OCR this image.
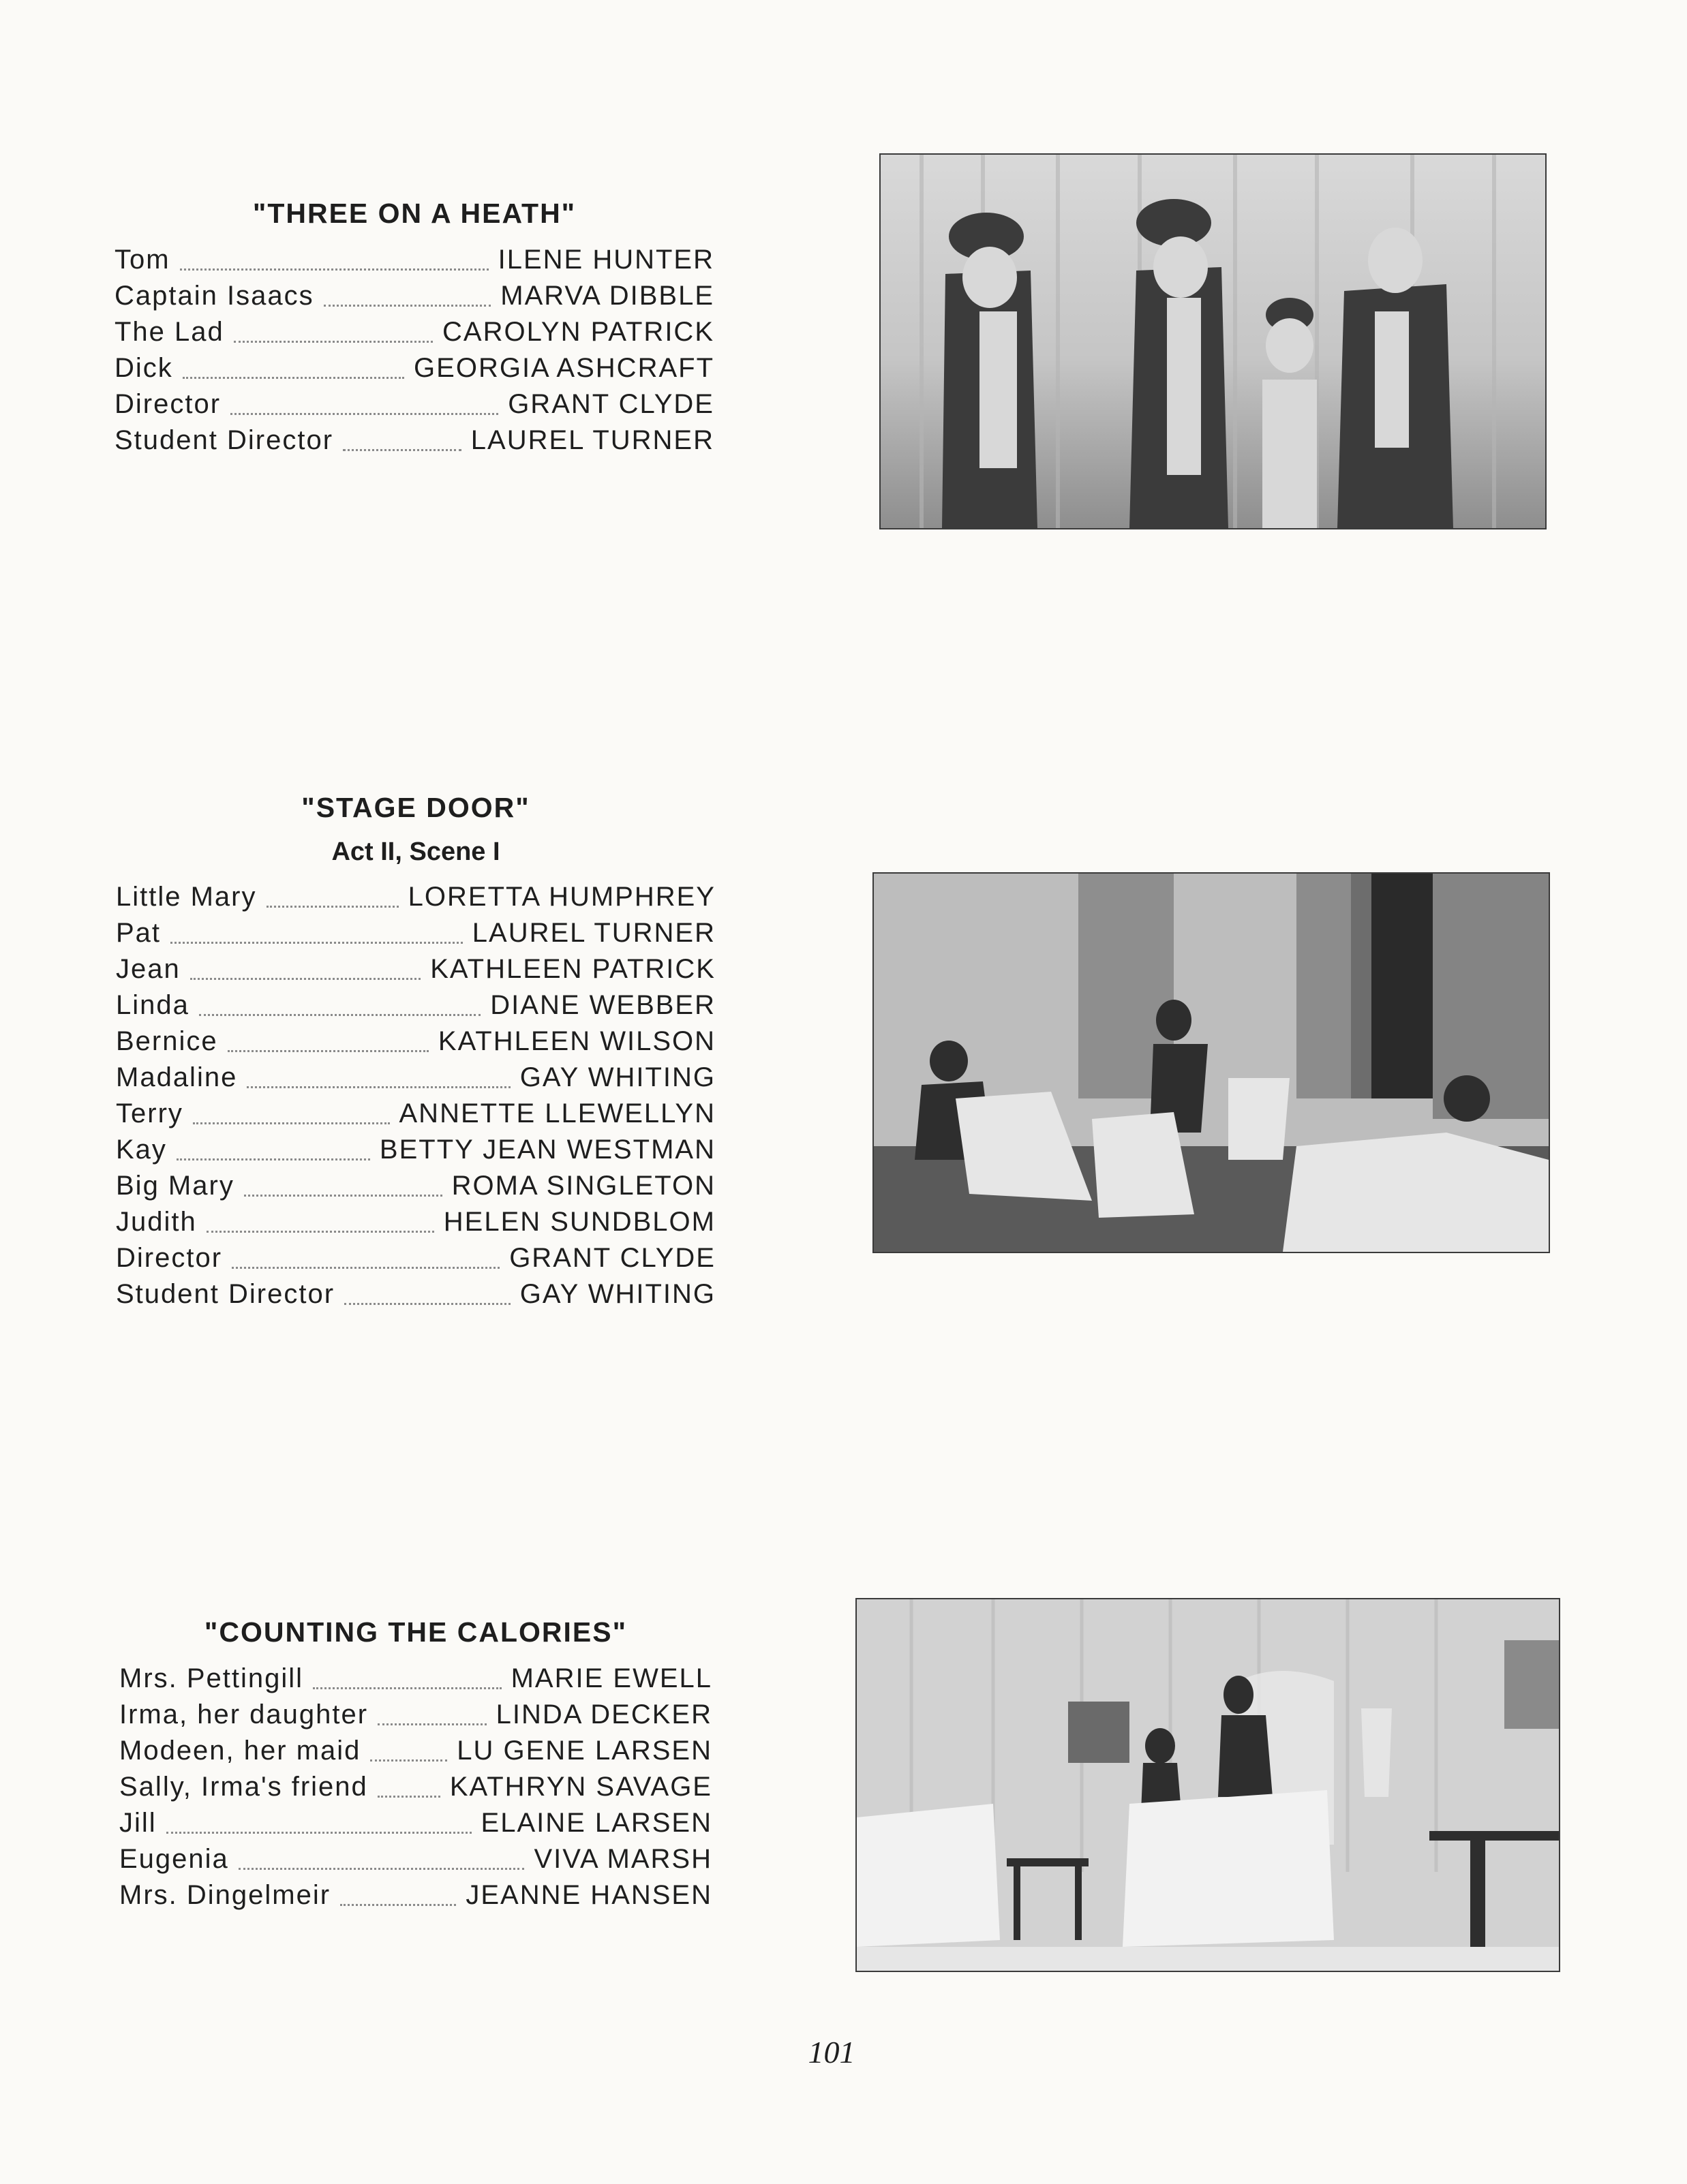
"THREE ON A HEATH"
Tom	ILENE HUNTER
Captain Isaacs	MARVA DIBBLE
The Lad	CAROLYN PATRICK
Dick	GEORGIA ASHCRAFT
Director	GRANT CLYDE
Student Director	LAUREL TURNER
"STAGE DOOR"
Act II, Scene I
Little Mary	LORETTA HUMPHREY
Pat	LAUREL TURNER
Jean	KATHLEEN PATRICK
Linda	DIANE WEBBER
Bernice	KATHLEEN WILSON
Madaline	GAY WHITING
Terry	ANNETTE LLEWELLYN
Kay	BETTY JEAN WESTMAN
Big Mary	ROMA SINGLETON
Judith	HELEN SUNDBLOM
Director	GRANT CLYDE
Student Director	GAY WHITING
"COUNTING THE CALORIES"
Mrs. Pettingill	MARIE EWELL
Irma, her daughter	LINDA DECKER
Modeen, her maid	LU GENE LARSEN
Sally, Irma's friend	KATHRYN SAVAGE
Jill	ELAINE LARSEN
Eugenia	VIVA MARSH
Mrs. Dingelmeir	JEANNE HANSEN
101
